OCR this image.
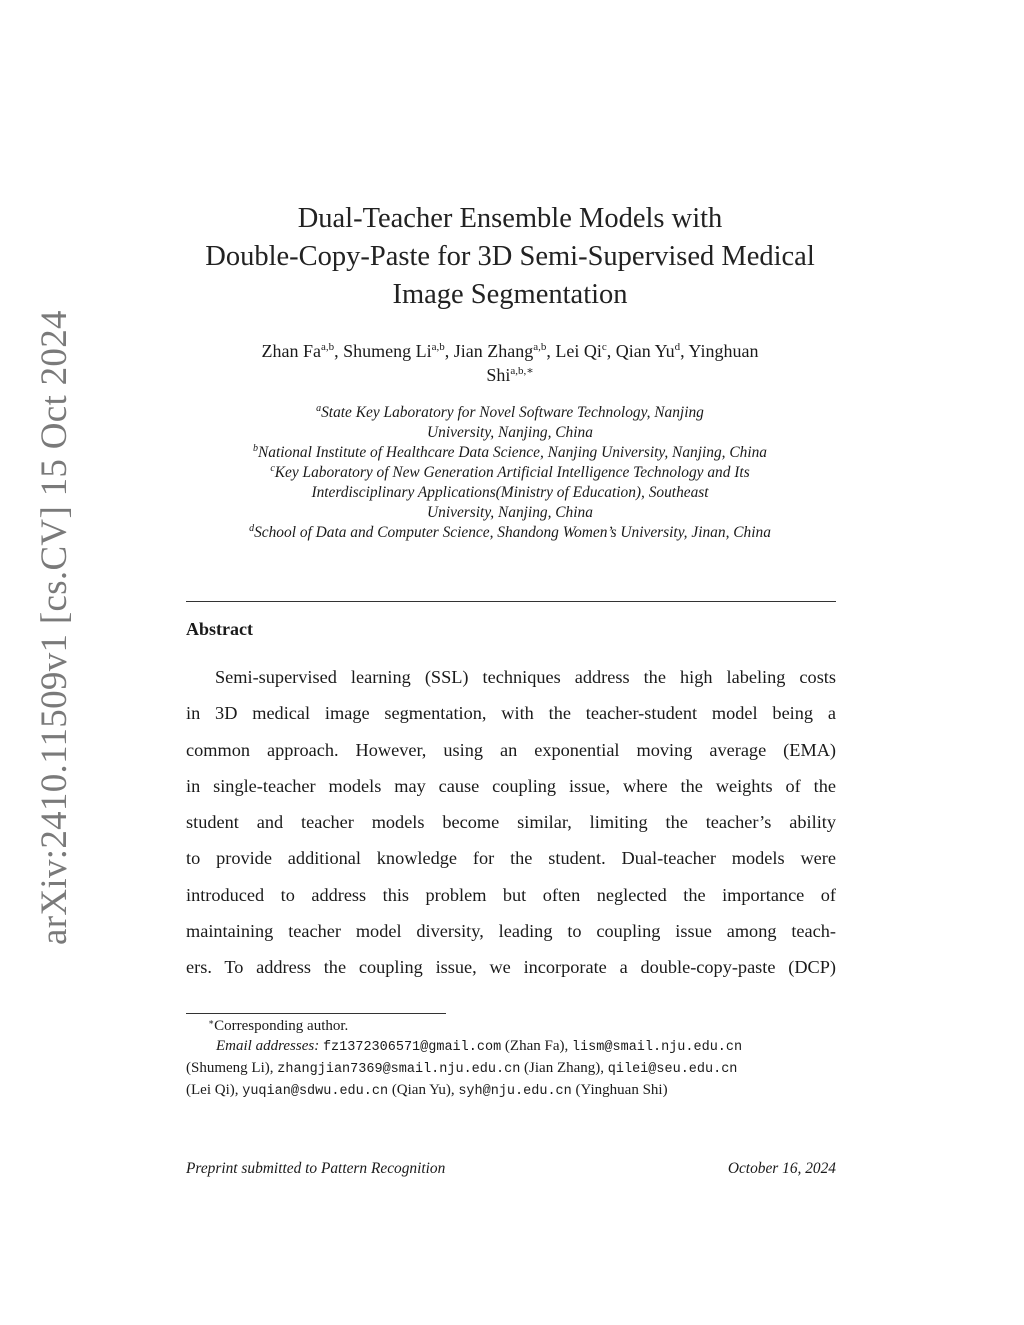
arXiv:2410.11509v1 [cs.CV] 15 Oct 2024
Dual-Teacher Ensemble Models with
Double-Copy-Paste for 3D Semi-Supervised Medical
Image Segmentation
Zhan Fa$^{a,b}$, Shumeng Li$^{a,b}$, Jian Zhang$^{a,b}$, Lei Qi$^c$, Qian Yu$^d$, Yinghuan
Shi$^{a,b,∗}$
$^a$State Key Laboratory for Novel Software Technology, Nanjing
University, Nanjing, China
$^b$National Institute of Healthcare Data Science, Nanjing University, Nanjing, China
$^c$Key Laboratory of New Generation Artificial Intelligence Technology and Its
Interdisciplinary Applications(Ministry of Education), Southeast
University, Nanjing, China
$^d$School of Data and Computer Science, Shandong Women’s University, Jinan, China
Abstract
Semi-supervised learning (SSL) techniques address the high labeling costs
in 3D medical image segmentation, with the teacher-student model being a
common approach. However, using an exponential moving average (EMA)
in single-teacher models may cause coupling issue, where the weights of the
student and teacher models become similar, limiting the teacher’s ability
to provide additional knowledge for the student. Dual-teacher models were
introduced to address this problem but often neglected the importance of
maintaining teacher model diversity, leading to coupling issue among teach-
ers. To address the coupling issue, we incorporate a double-copy-paste (DCP)
∗Corresponding author.
Email addresses: fz1372306571@gmail.com (Zhan Fa), lism@smail.nju.edu.cn
(Shumeng Li), zhangjian7369@smail.nju.edu.cn (Jian Zhang), qilei@seu.edu.cn
(Lei Qi), yuqian@sdwu.edu.cn (Qian Yu), syh@nju.edu.cn (Yinghuan Shi)
Preprint submitted to Pattern Recognition	October 16, 2024
